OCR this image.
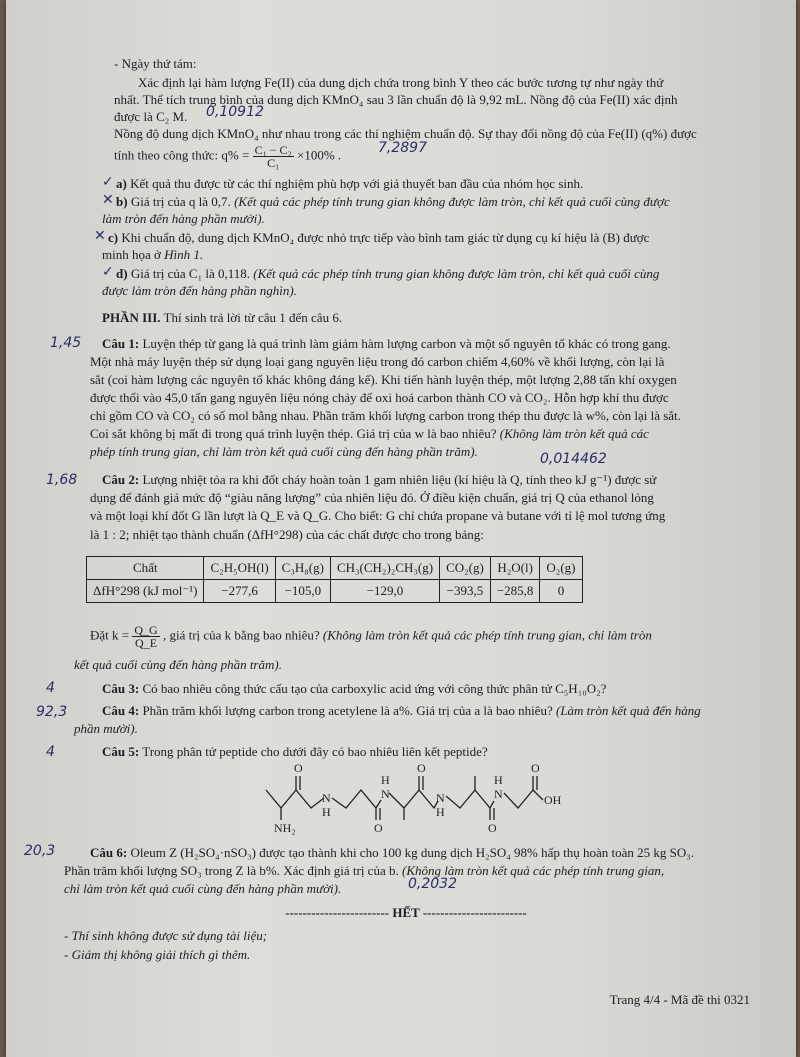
- Ngày thứ tám:
Xác định lại hàm lượng Fe(II) của dung dịch chứa trong bình Y theo các bước tương tự như ngày thứ
nhất. Thể tích trung bình của dung dịch KMnO₄ sau 3 lần chuẩn độ là 9,92 mL. Nồng độ của Fe(II) xác định
được là C₂ M. 0,10912
Nồng độ dung dịch KMnO₄ như nhau trong các thí nghiệm chuẩn độ. Sự thay đổi nồng độ của Fe(II) (q%) được
tính theo công thức: $q\% = \frac{\text{C₁ − C₂}}{\text{C₁}} \times 100\%$ .	7,2897
✓ a) Kết quả thu được từ các thí nghiệm phù hợp với giả thuyết ban đầu của nhóm học sinh.
✕ b) Giá trị của q là 0,7. (Kết quả các phép tính trung gian không được làm tròn, chỉ kết quả cuối cùng được
làm tròn đến hàng phần mười).
✕ c) Khi chuẩn độ, dung dịch KMnO₄ được nhỏ trực tiếp vào bình tam giác từ dụng cụ kí hiệu là (B) được
minh họa ở Hình 1.
✓ d) Giá trị của C₁ là 0,118. (Kết quả các phép tính trung gian không được làm tròn, chỉ kết quả cuối cùng
được làm tròn đến hàng phần nghìn).
PHẦN III. Thí sinh trả lời từ câu 1 đến câu 6.
1,45 Câu 1: Luyện thép từ gang là quá trình làm giảm hàm lượng carbon và một số nguyên tố khác có trong gang.
Một nhà máy luyện thép sử dụng loại gang nguyên liệu trong đó carbon chiếm 4,60% về khối lượng, còn lại là
sắt (coi hàm lượng các nguyên tố khác không đáng kể). Khi tiến hành luyện thép, một lượng 2,88 tấn khí oxygen
được thổi vào 45,0 tấn gang nguyên liệu nóng chảy để oxi hoá carbon thành CO và CO₂. Hỗn hợp khí thu được
chỉ gồm CO và CO₂ có số mol bằng nhau. Phần trăm khối lượng carbon trong thép thu được là w%, còn lại là sắt.
Coi sắt không bị mất đi trong quá trình luyện thép. Giá trị của w là bao nhiêu? (Không làm tròn kết quả các
phép tính trung gian, chỉ làm tròn kết quả cuối cùng đến hàng phần trăm).	0,014462
1,68 Câu 2: Lượng nhiệt tỏa ra khi đốt cháy hoàn toàn 1 gam nhiên liệu (kí hiệu là Q, tính theo kJ g⁻¹) được sử
dụng để đánh giá mức độ “giàu năng lượng” của nhiên liệu đó. Ở điều kiện chuẩn, giá trị Q của ethanol lỏng
và một loại khí đốt G lần lượt là Q_E và Q_G. Cho biết: G chỉ chứa propane và butane với tỉ lệ mol tương ứng
là 1 : 2; nhiệt tạo thành chuẩn (ΔfH°298) của các chất được cho trong bảng:
Chất	C₂H₅OH(l)	C₃H₈(g)	CH₃(CH₂)₂CH₃(g)	CO₂(g)	H₂O(l)	O₂(g)
ΔfH°298 (kJ mol⁻¹)	−277,6	−105,0	−129,0	−393,5	−285,8	0
Đặt $k = \frac{Q\_G}{Q\_E}$ , giá trị của k bằng bao nhiêu? (Không làm tròn kết quả các phép tính trung gian, chỉ làm tròn
kết quả cuối cùng đến hàng phần trăm).
4	Câu 3: Có bao nhiêu công thức cấu tạo của carboxylic acid ứng với công thức phân tử C₅H₁₀O₂?
92,3	Câu 4: Phần trăm khối lượng carbon trong acetylene là a%. Giá trị của a là bao nhiêu? (Làm tròn kết quả đến hàng
phần mười).
4	Câu 5: Trong phân tử peptide cho dưới đây có bao nhiêu liên kết peptide?
O
N
H
NH₂	O
N
H
O
N
H
O
N
H
O
OH
20,3	Câu 6: Oleum Z (H₂SO₄·nSO₃) được tạo thành khi cho 100 kg dung dịch H₂SO₄ 98% hấp thụ hoàn toàn 25 kg SO₃.
Phần trăm khối lượng SO₃ trong Z là b%. Xác định giá trị của b. (Không làm tròn kết quả các phép tính trung gian,
chỉ làm tròn kết quả cuối cùng đến hàng phần mười).	0,2032
------------------------ HẾT ------------------------
- Thí sinh không được sử dụng tài liệu;
- Giám thị không giải thích gì thêm.
Trang 4/4 - Mã đề thi 0321
